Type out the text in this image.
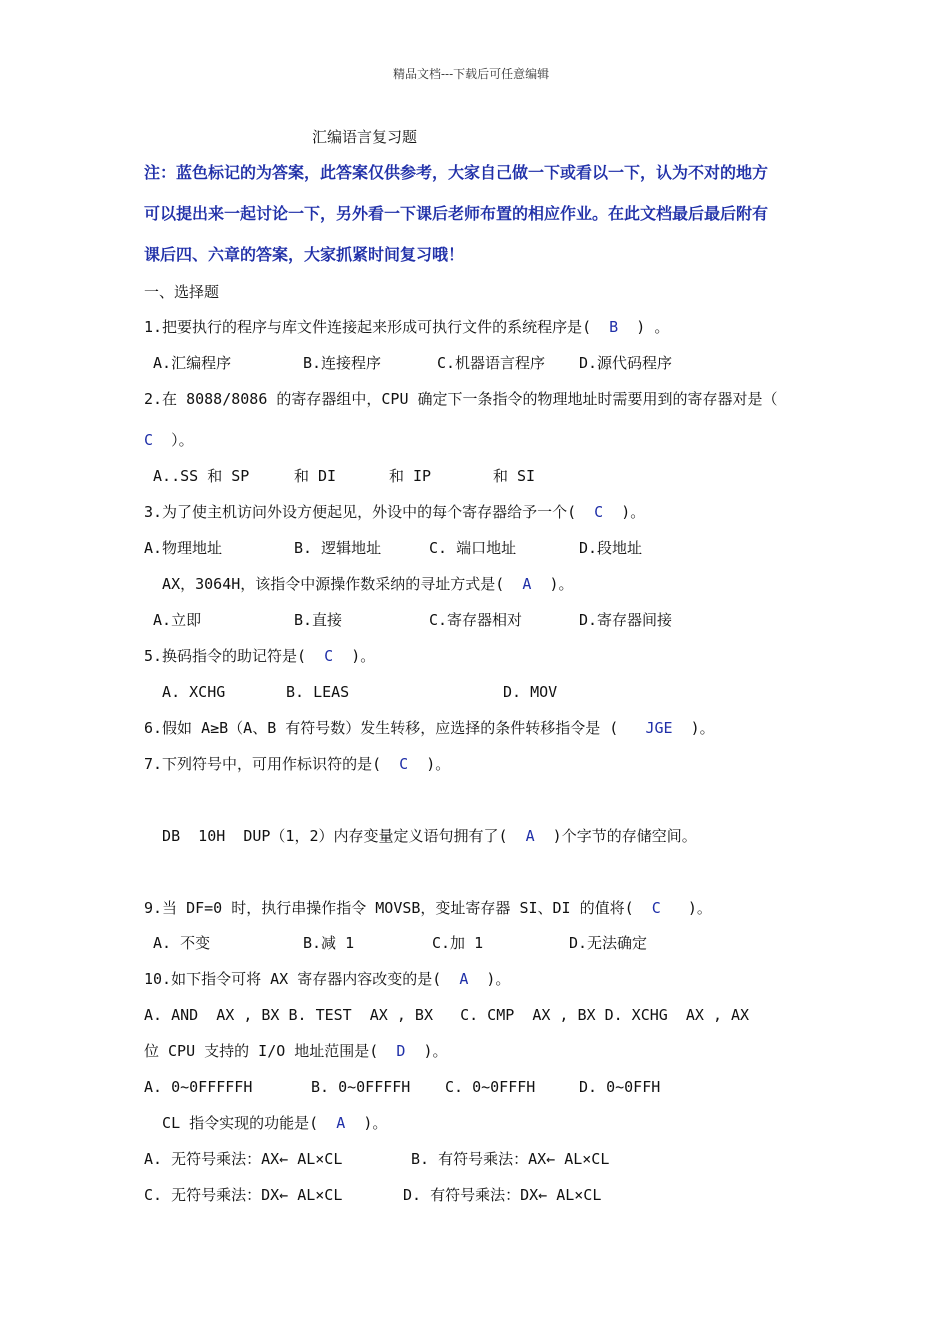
精品文档---下载后可任意编辑
汇编语言复习题
注：蓝色标记的为答案，此答案仅供参考，大家自己做一下或看以一下，认为不对的地方
可以提出来一起讨论一下，另外看一下课后老师布置的相应作业。在此文档最后最后附有
课后四、六章的答案，大家抓紧时间复习哦！
一、选择题
1.把要执行的程序与库文件连接起来形成可执行文件的系统程序是(  B  ) 。
A.汇编程序	B.连接程序	C.机器语言程序 D.源代码程序
2.在 8088/8086 的寄存器组中，CPU 确定下一条指令的物理地址时需要用到的寄存器对是（
C  ）。
A..SS 和 SP	和 DI	和 IP	和 SI
3.为了使主机访问外设方便起见，外设中的每个寄存器给予一个(  C  )。
A.物理地址	B. 逻辑地址	C. 端口地址	D.段地址
AX，3064H，该指令中源操作数采纳的寻址方式是(  A  )。
A.立即	B.直接	C.寄存器相对	D.寄存器间接
5.换码指令的助记符是(  C  )。
A. XCHG	B. LEAS	D. MOV
6.假如 A≥B（A、B 有符号数）发生转移，应选择的条件转移指令是 (   JGE  )。
7.下列符号中，可用作标识符的是(  C  )。
DB  10H  DUP（1，2）内存变量定义语句拥有了(  A  )个字节的存储空间。
9.当 DF=0 时，执行串操作指令 MOVSB，变址寄存器 SI、DI 的值将(  C   )。
A. 不变	B.减 1	C.加 1	D.无法确定
10.如下指令可将 AX 寄存器内容改变的是(  A  )。
A. AND  AX , BX B. TEST  AX , BX   C. CMP  AX , BX D. XCHG  AX , AX
位 CPU 支持的 I/O 地址范围是(  D  )。
A. 0~0FFFFFH	B. 0~0FFFFH C. 0~0FFFH	D. 0~0FFH
CL 指令实现的功能是(  A  )。
A. 无符号乘法：AX← AL×CL	B. 有符号乘法：AX← AL×CL
C. 无符号乘法：DX← AL×CL	D. 有符号乘法：DX← AL×CL
